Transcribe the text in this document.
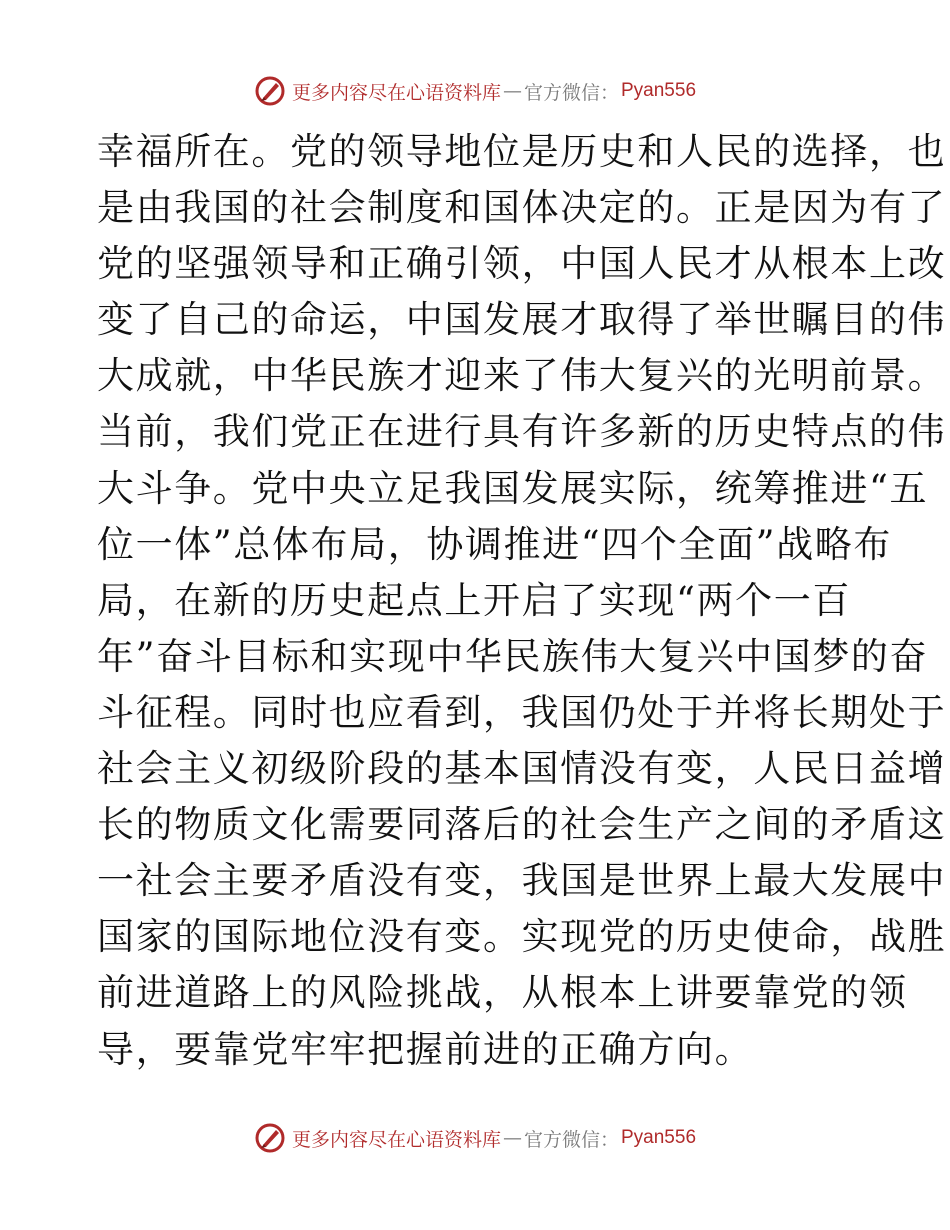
更多内容尽在心语资料库 — 官方微信： Pyan556
幸福所在。党的领导地位是历史和人民的选择，也
是由我国的社会制度和国体决定的。正是因为有了
党的坚强领导和正确引领，中国人民才从根本上改
变了自己的命运，中国发展才取得了举世瞩目的伟
大成就，中华民族才迎来了伟大复兴的光明前景。
当前，我们党正在进行具有许多新的历史特点的伟
大斗争。党中央立足我国发展实际，统筹推进“五
位一体”总体布局，协调推进“四个全面”战略布
局，在新的历史起点上开启了实现“两个一百
年”奋斗目标和实现中华民族伟大复兴中国梦的奋
斗征程。同时也应看到，我国仍处于并将长期处于
社会主义初级阶段的基本国情没有变，人民日益增
长的物质文化需要同落后的社会生产之间的矛盾这
一社会主要矛盾没有变，我国是世界上最大发展中
国家的国际地位没有变。实现党的历史使命，战胜
前进道路上的风险挑战，从根本上讲要靠党的领
导，要靠党牢牢把握前进的正确方向。
更多内容尽在心语资料库 — 官方微信： Pyan556
